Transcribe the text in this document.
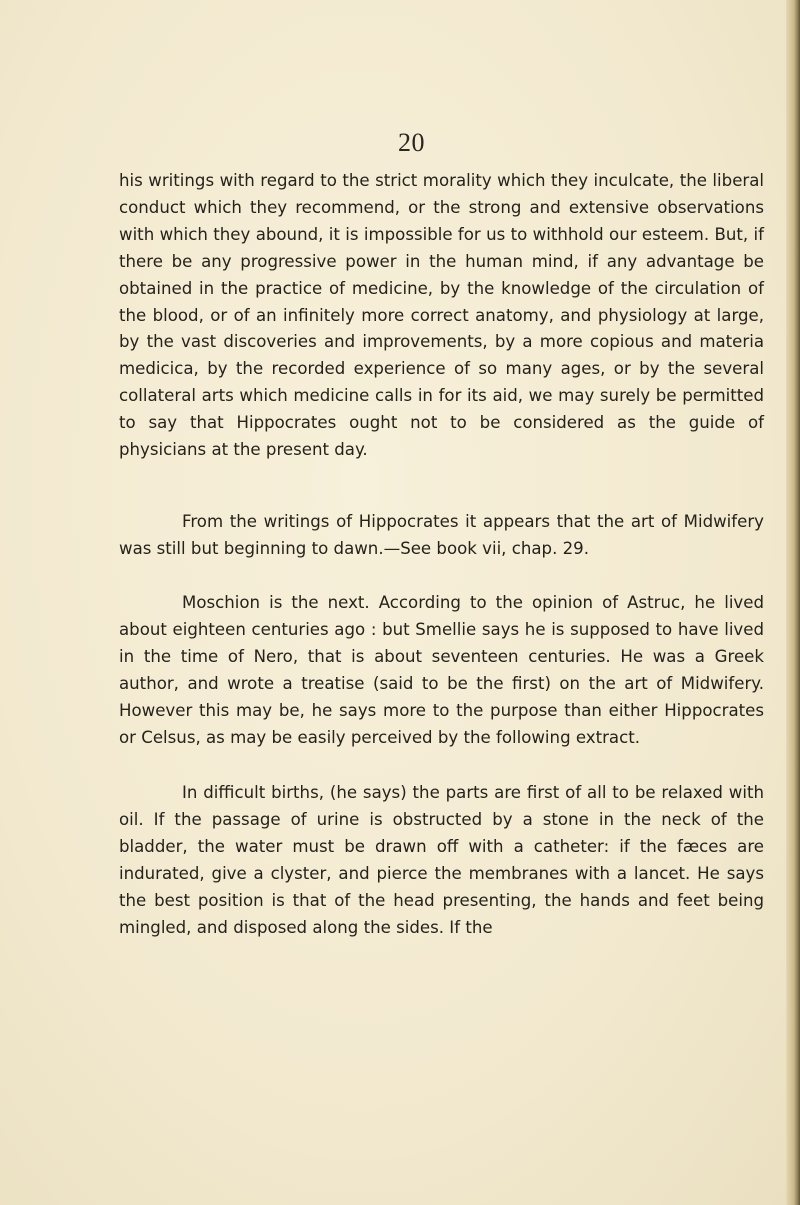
20

his writings with regard to the strict morality which they inculcate, the liberal conduct which they recommend, or the strong and extensive observations with which they abound, it is impossible for us to withhold our esteem. But, if there be any progressive power in the human mind, if any advantage be obtained in the practice of medicine, by the knowledge of the circulation of the blood, or of an infinitely more correct anatomy, and physiology at large, by the vast discoveries and improvements, by a more copious and materia medicica, by the recorded experience of so many ages, or by the several collateral arts which medicine calls in for its aid, we may surely be permitted to say that Hippocrates ought not to be considered as the guide of physicians at the present day.

From the writings of Hippocrates it appears that the art of Midwifery was still but beginning to dawn.—See book vii, chap. 29.

Moschion is the next. According to the opinion of Astruc, he lived about eighteen centuries ago : but Smellie says he is supposed to have lived in the time of Nero, that is about seventeen centuries. He was a Greek author, and wrote a treatise (said to be the first) on the art of Midwifery. However this may be, he says more to the purpose than either Hippocrates or Celsus, as may be easily perceived by the following extract.

In difficult births, (he says) the parts are first of all to be relaxed with oil. If the passage of urine is obstructed by a stone in the neck of the bladder, the water must be drawn off with a catheter: if the fæces are indurated, give a clyster, and pierce the membranes with a lancet. He says the best position is that of the head presenting, the hands and feet being mingled, and disposed along the sides. If the
